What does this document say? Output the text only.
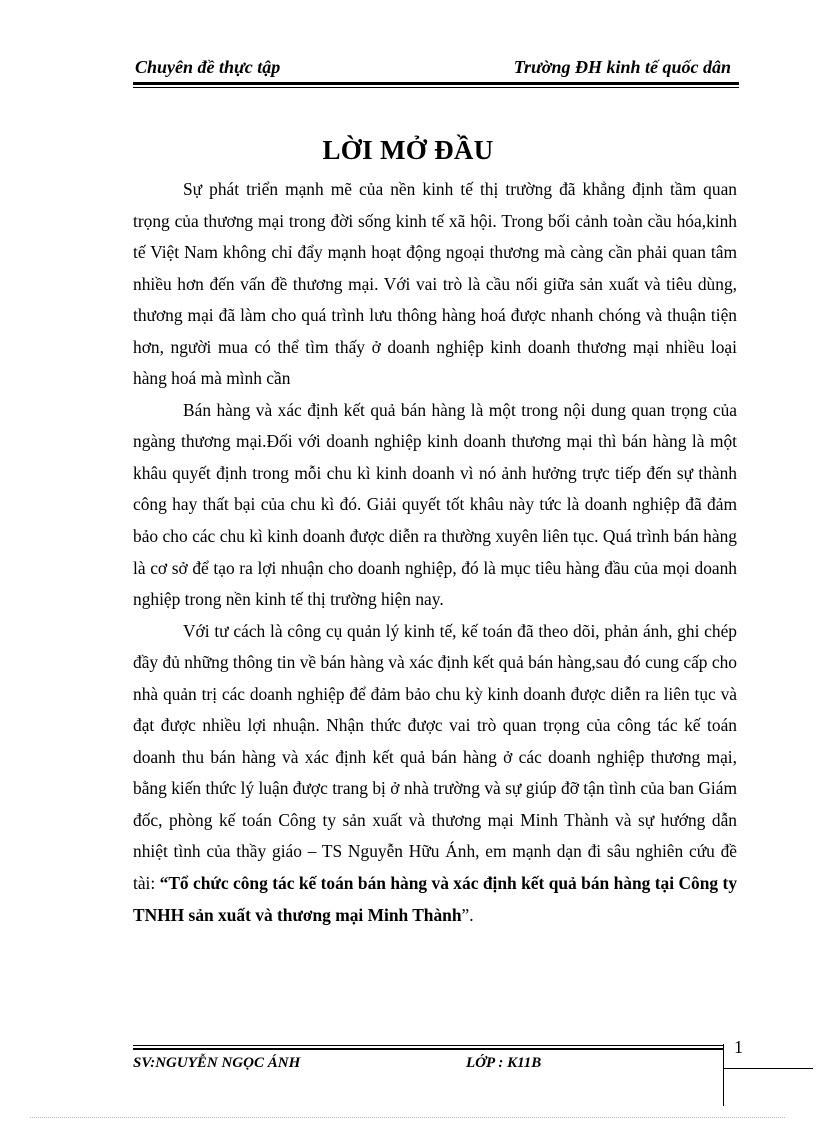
Chuyên đề thực tập	Trường ĐH kinh tế quốc dân
LỜI MỞ ĐẦU

Sự phát triển mạnh mẽ của nền kinh tế thị trường đã khẳng định tầm quan trọng của thương mại trong đời sống kinh tế xã hội. Trong bối cảnh toàn cầu hóa,kinh tế Việt Nam không chỉ đẩy mạnh hoạt động ngoại thương mà càng cần phải quan tâm nhiều hơn đến vấn đề thương mại. Với vai trò là cầu nối giữa sản xuất và tiêu dùng, thương mại đã làm cho quá trình lưu thông hàng hoá được nhanh chóng và thuận tiện hơn, người mua có thể tìm thấy ở doanh nghiệp kinh doanh thương mại nhiều loại hàng hoá mà mình cần

Bán hàng và xác định kết quả bán hàng là một trong nội dung quan trọng của ngàng thương mại.Đối với doanh nghiệp kinh doanh thương mại thì bán hàng là một khâu quyết định trong mỗi chu kì kinh doanh vì nó ảnh hưởng trực tiếp đến sự thành công hay thất bại của chu kì đó. Giải quyết tốt khâu này tức là doanh nghiệp đã đảm bảo cho các chu kì kinh doanh được diễn ra thường xuyên liên tục. Quá trình bán hàng là cơ sở để tạo ra lợi nhuận cho doanh nghiệp, đó là mục tiêu hàng đầu của mọi doanh nghiệp trong nền kinh tế thị trường hiện nay.

Với tư cách là công cụ quản lý kinh tế, kế toán đã theo dõi, phản ánh, ghi chép đầy đủ những thông tin về bán hàng và xác định kết quả bán hàng,sau đó cung cấp cho nhà quản trị các doanh nghiệp để đảm bảo chu kỳ kinh doanh được diễn ra liên tục và đạt được nhiều lợi nhuận. Nhận thức được vai trò quan trọng của công tác kế toán doanh thu bán hàng và xác định kết quả bán hàng ở các doanh nghiệp thương mại, bằng kiến thức lý luận được trang bị ở nhà trường và sự giúp đỡ tận tình của ban Giám đốc, phòng kế toán Công ty sản xuất và thương mại Minh Thành và sự hướng dẫn nhiệt tình của thầy giáo – TS Nguyễn Hữu Ánh, em mạnh dạn đi sâu nghiên cứu đề tài: “Tổ chức công tác kế toán bán hàng và xác định kết quả bán hàng tại Công ty TNHH sản xuất và thương mại Minh Thành”.

SV:NGUYỄN NGỌC ÁNH	LỚP : K11B
1
